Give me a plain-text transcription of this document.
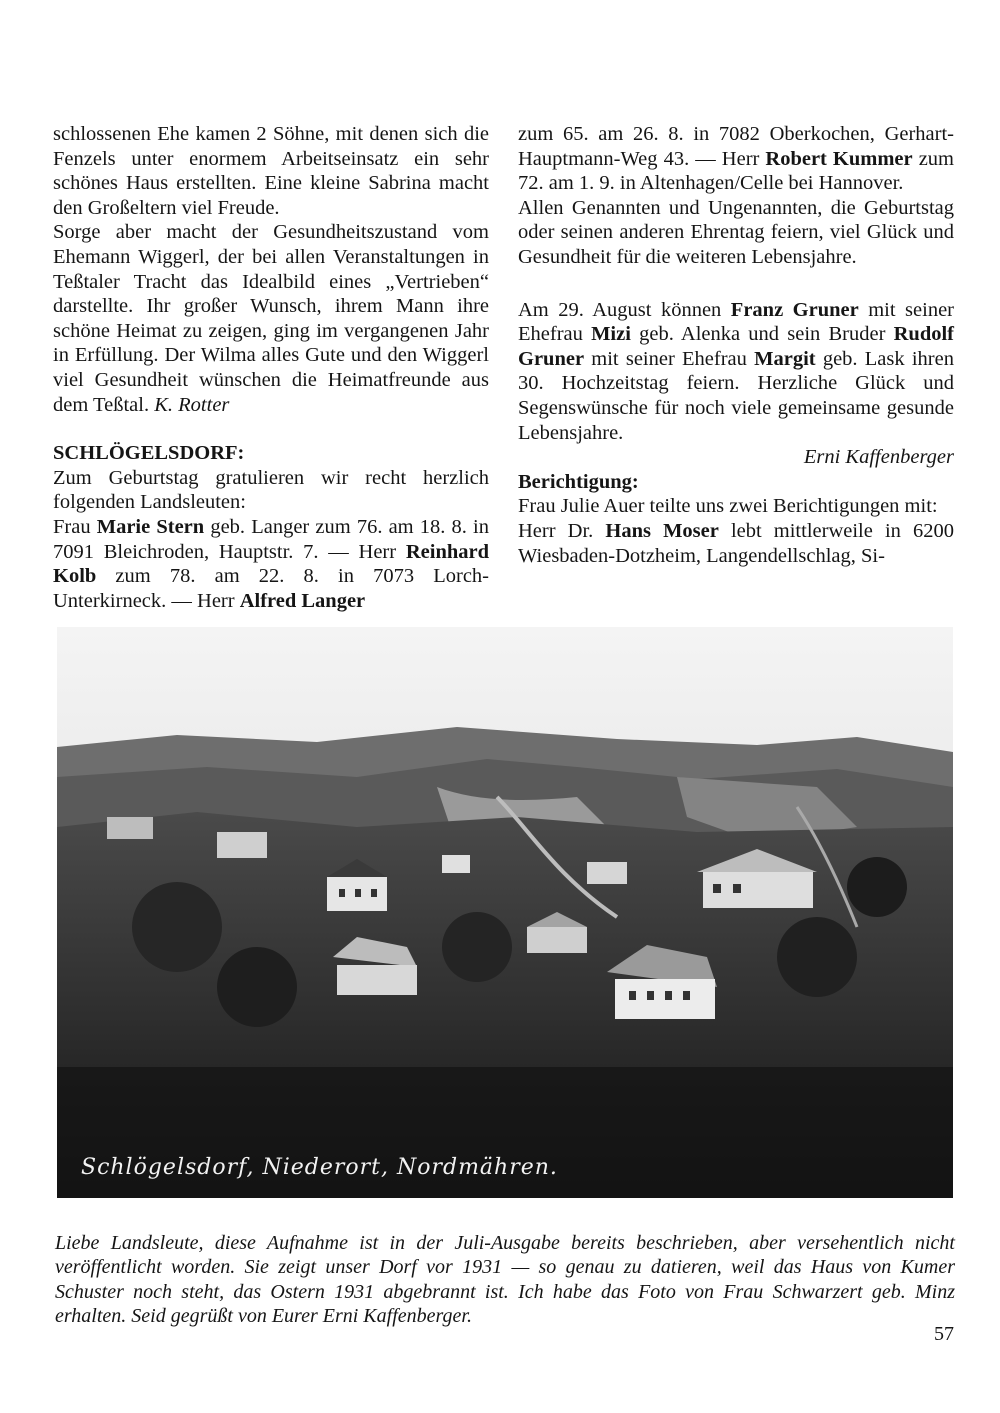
schlossenen Ehe kamen 2 Söhne, mit denen sich die Fenzels unter enormem Arbeitseinsatz ein sehr schönes Haus erstellten. Eine kleine Sabrina macht den Großeltern viel Freude.

Sorge aber macht der Gesundheitszustand vom Ehemann Wiggerl, der bei allen Veranstaltungen in Teßtaler Tracht das Idealbild eines „Vertrieben“ darstellte. Ihr großer Wunsch, ihrem Mann ihre schöne Heimat zu zeigen, ging im vergangenen Jahr in Erfüllung. Der Wilma alles Gute und den Wiggerl viel Gesundheit wünschen die Heimatfreunde aus dem Teßtal. K. Rotter

SCHLÖGELSDORF:

Zum Geburtstag gratulieren wir recht herzlich folgenden Landsleuten:

Frau Marie Stern geb. Langer zum 76. am 18. 8. in 7091 Bleichroden, Hauptstr. 7. — Herr Reinhard Kolb zum 78. am 22. 8. in 7073 Lorch-Unterkirneck. — Herr Alfred Langer

zum 65. am 26. 8. in 7082 Oberkochen, Gerhart-Hauptmann-Weg 43. — Herr Robert Kummer zum 72. am 1. 9. in Altenhagen/Celle bei Hannover.

Allen Genannten und Ungenannten, die Geburtstag oder seinen anderen Ehrentag feiern, viel Glück und Gesundheit für die weiteren Lebensjahre.

Am 29. August können Franz Gruner mit seiner Ehefrau Mizi geb. Alenka und sein Bruder Rudolf Gruner mit seiner Ehefrau Margit geb. Lask ihren 30. Hochzeitstag feiern. Herzliche Glück und Segenswünsche für noch viele gemeinsame gesunde Lebensjahre.

Erni Kaffenberger

Berichtigung:

Frau Julie Auer teilte uns zwei Berichtigungen mit:

Herr Dr. Hans Moser lebt mittlerweile in 6200 Wiesbaden-Dotzheim, Langendellschlag, Si-

Schlögelsdorf, Niederort, Nordmähren.

Liebe Landsleute, diese Aufnahme ist in der Juli-Ausgabe bereits beschrieben, aber versehentlich nicht veröffentlicht worden. Sie zeigt unser Dorf vor 1931 — so genau zu datieren, weil das Haus von Kumer Schuster noch steht, das Ostern 1931 abgebrannt ist. Ich habe das Foto von Frau Schwarzert geb. Minz erhalten. Seid gegrüßt von Eurer Erni Kaffenberger.

57
